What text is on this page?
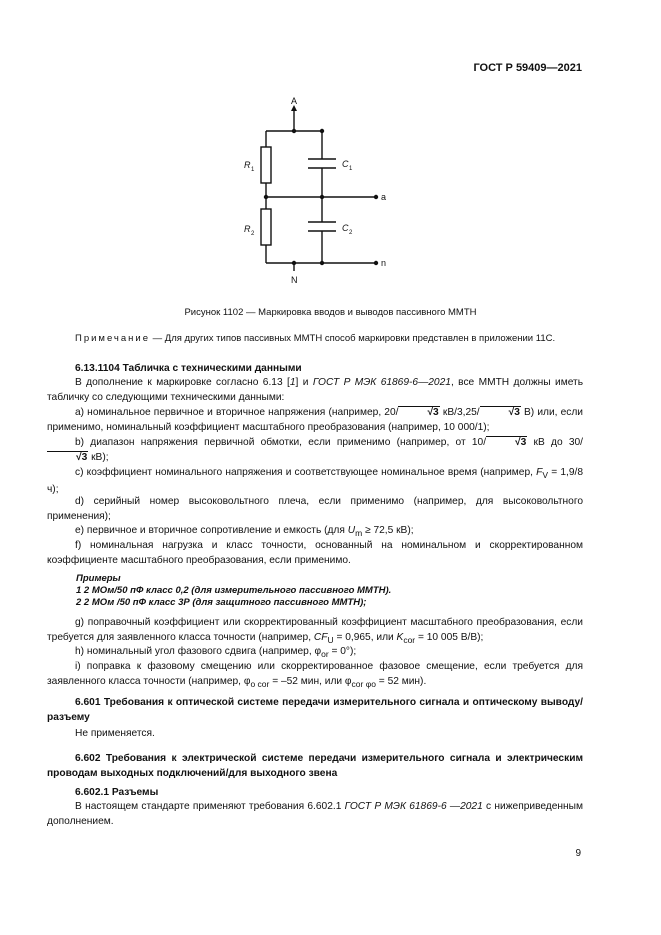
ГОСТ Р 59409—2021
A
a
n
N
R 1
R 2
C 1
C 2
Рисунок 1102 — Маркировка вводов и выводов пассивного ММТН
Примечание — Для других типов пассивных ММТН способ маркировки представлен в приложении 11С.
6.13.1104 Табличка с техническими данными
В дополнение к маркировке согласно 6.13 [1] и ГОСТ Р МЭК 61869-6—2021, все ММТН должны иметь табличку со следующими техническими данными:
a) номинальное первичное и вторичное напряжения (например, 20/	√3 кВ/3,25/	√3 В) или, если применимо, номинальный коэффициент масштабного преобразования (например, 10 000/1);
b) диапазон напряжения первичной обмотки, если применимо (например, от 10/	√3 кВ до 30/√3 кВ);
c) коэффициент номинального напряжения и соответствующее номинальное время (например, $F_V = 1,9/8$ ч);
d) серийный номер высоковольтного плеча, если применимо (например, для высоковольтного применения);
e) первичное и вторичное сопротивление и емкость (для $U_m \ge 72,5$ кВ);
f) номинальная нагрузка и класс точности, основанный на номинальном и скорректированном коэффициенте масштабного преобразования, если применимо.
Примеры
1 2 МОм/50 пФ класс 0,2 (для измерительного пассивного ММТН).
2 2 МОм /50 пФ класс 3Р (для защитного пассивного ММТН);
g) поправочный коэффициент или скорректированный коэффициент масштабного преобразования, если требуется для заявленного класса точности (например, $CF_U = 0,965$, или $K_{cor} = 10$ 005 В/В);
h) номинальный угол фазового сдвига (например, $\varphi_{or} = 0^\circ$);
i) поправка к фазовому смещению или скорректированное фазовое смещение, если требуется для заявленного класса точности (например, $\varphi_{o cor} = -52$ мин, или $\varphi_{cor \varphi o} = 52$ мин).
6.601 Требования к оптической системе передачи измерительного сигнала и оптическому выводу/разъему
Не применяется.
6.602 Требования к электрической системе передачи измерительного сигнала и электрическим проводам выходных подключений/для выходного звена
6.602.1 Разъемы
В настоящем стандарте применяют требования 6.602.1 ГОСТ Р МЭК 61869-6 —2021 с нижеприведенным дополнением.
9
